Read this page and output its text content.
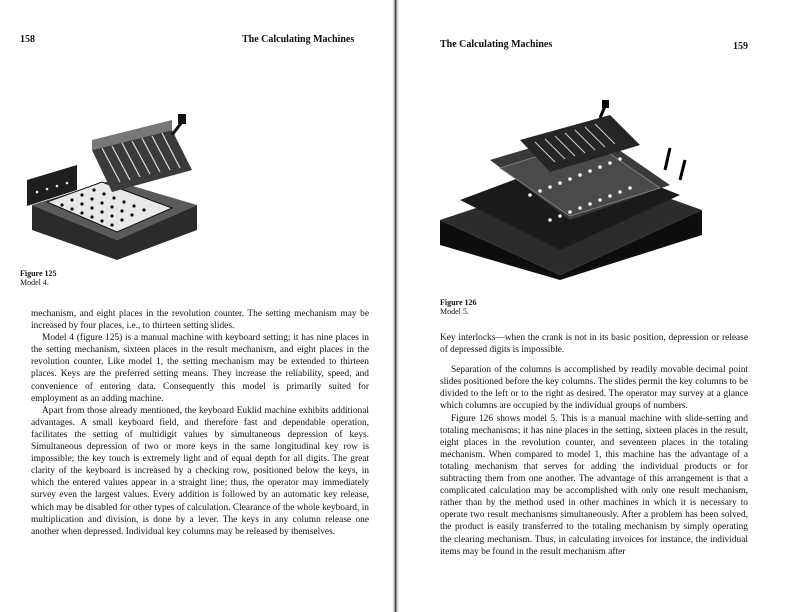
158	The Calculating Machines
Figure 125
Model 4.

mechanism, and eight places in the revolution counter. The setting mechanism may be increased by four places, i.e., to thirteen setting slides.

Model 4 (figure 125) is a manual machine with keyboard setting; it has nine places in the setting mechanism, sixteen places in the result mechanism, and eight places in the revolution counter. Like model 1, the setting mechanism may be extended to thirteen places. Keys are the preferred setting means. They increase the reliability, speed, and convenience of entering data. Consequently this model is primarily suited for employment as an adding machine.

Apart from those already mentioned, the keyboard Euklid machine exhibits additional advantages. A small keyboard field, and therefore fast and dependable operation, facilitates the setting of multidigit values by simultaneous depression of keys. Simultaneous depression of two or more keys in the same longitudinal key row is impossible; the key touch is extremely light and of equal depth for all digits. The great clarity of the keyboard is increased by a checking row, positioned below the keys, in which the entered values appear in a straight line; thus, the operator may immediately survey even the largest values. Every addition is followed by an automatic key release, which may be disabled for other types of calculation. Clearance of the whole keyboard, in multiplication and division, is done by a lever. The keys in any column release one another when depressed. Individual key columns may be released by themselves.

The Calculating Machines	159
Figure 126
Model 5.

Key interlocks—when the crank is not in its basic position, depression or release of depressed digits is impossible.

Separation of the columns is accomplished by readily movable decimal point slides positioned before the key columns. The slides permit the key columns to be divided to the left or to the right as desired. The operator may survey at a glance which columns are occupied by the individual groups of numbers.

Figure 126 shows model 5. This is a manual machine with slide-setting and totaling mechanisms; it has nine places in the setting, sixteen places in the result, eight places in the revolution counter, and seventeen places in the totaling mechanism. When compared to model 1, this machine has the advantage of a totaling mechanism that serves for adding the individual products or for subtracting them from one another. The advantage of this arrangement is that a complicated calculation may be accomplished with only one result mechanism, rather than by the method used in other machines in which it is necessary to operate two result mechanisms simultaneously. After a problem has been solved, the product is easily transferred to the totaling mechanism by simply operating the clearing mechanism. Thus, in calculating invoices for instance, the individual items may be found in the result mechanism after
